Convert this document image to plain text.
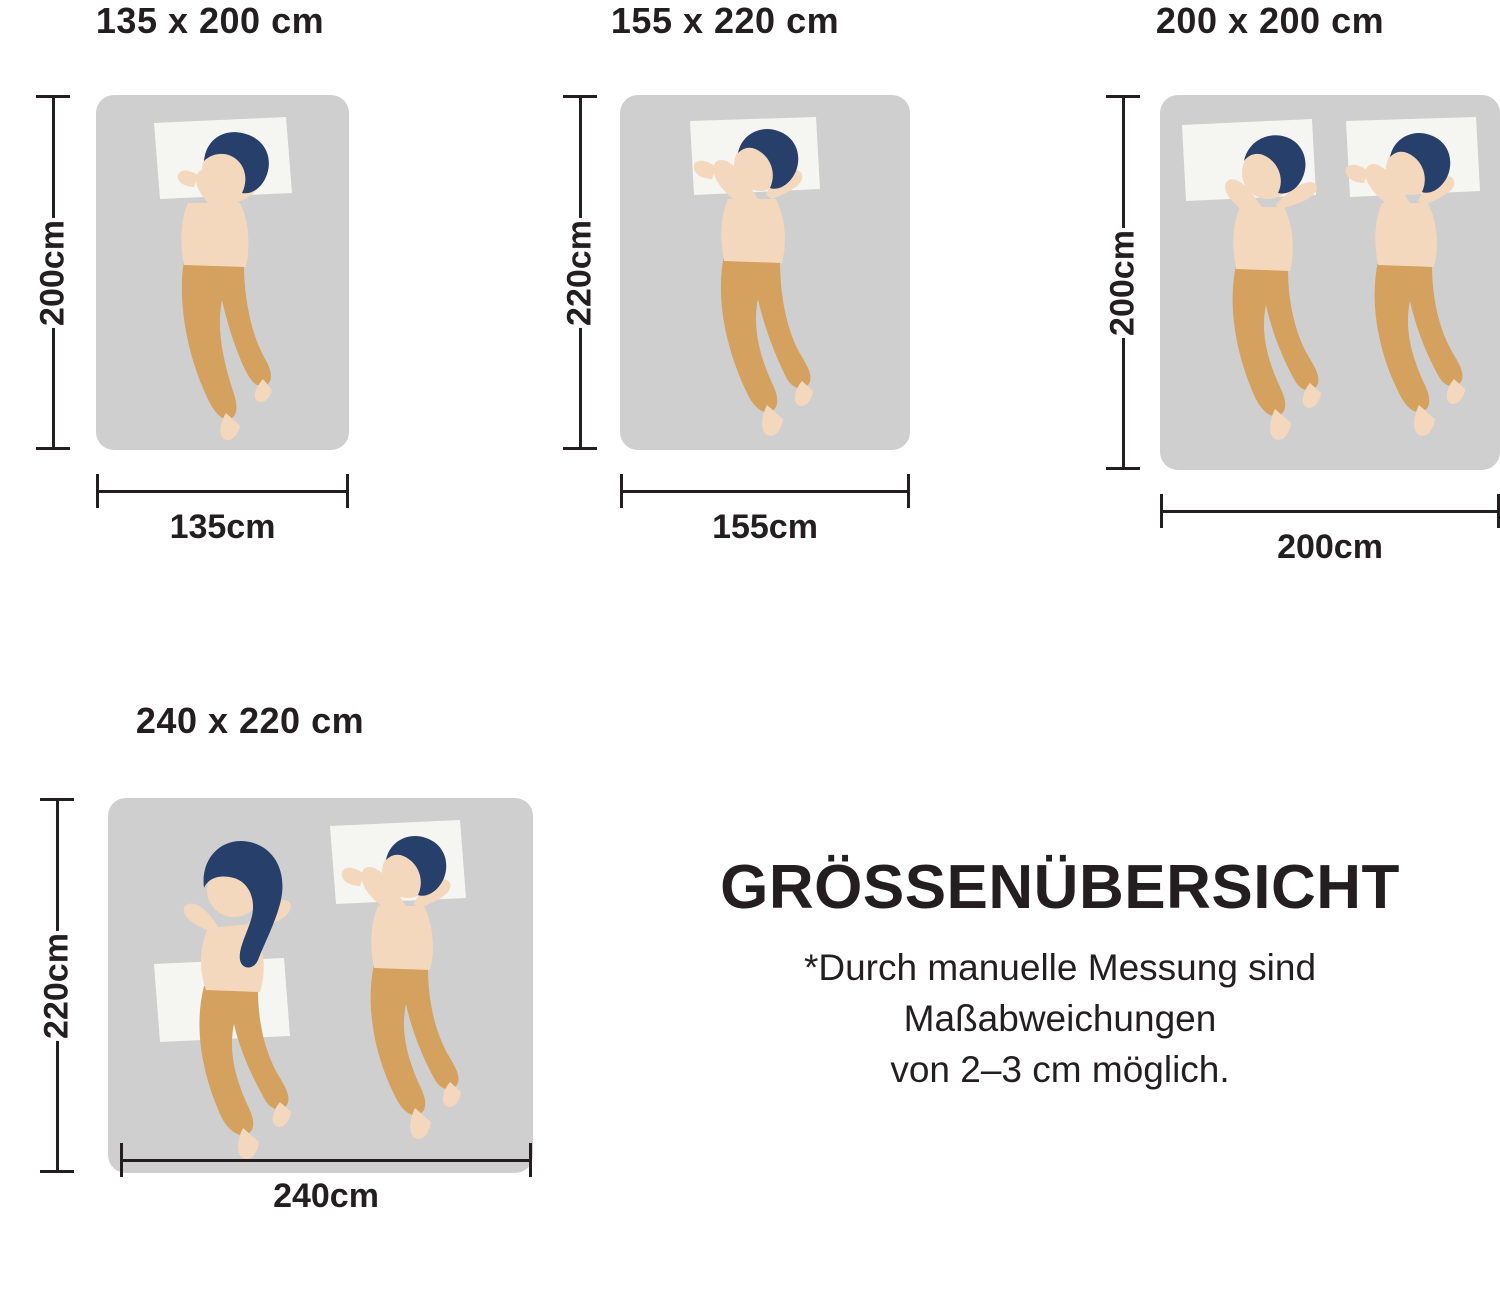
135 x 200 cm
200cm
135cm
155 x 220 cm
220cm
155cm
200 x 200 cm
200cm
200cm
240 x 220 cm
220cm
240cm
GRÖSSENÜBERSICHT
*Durch manuelle Messung sind
Maßabweichungen
von 2–3 cm möglich.
